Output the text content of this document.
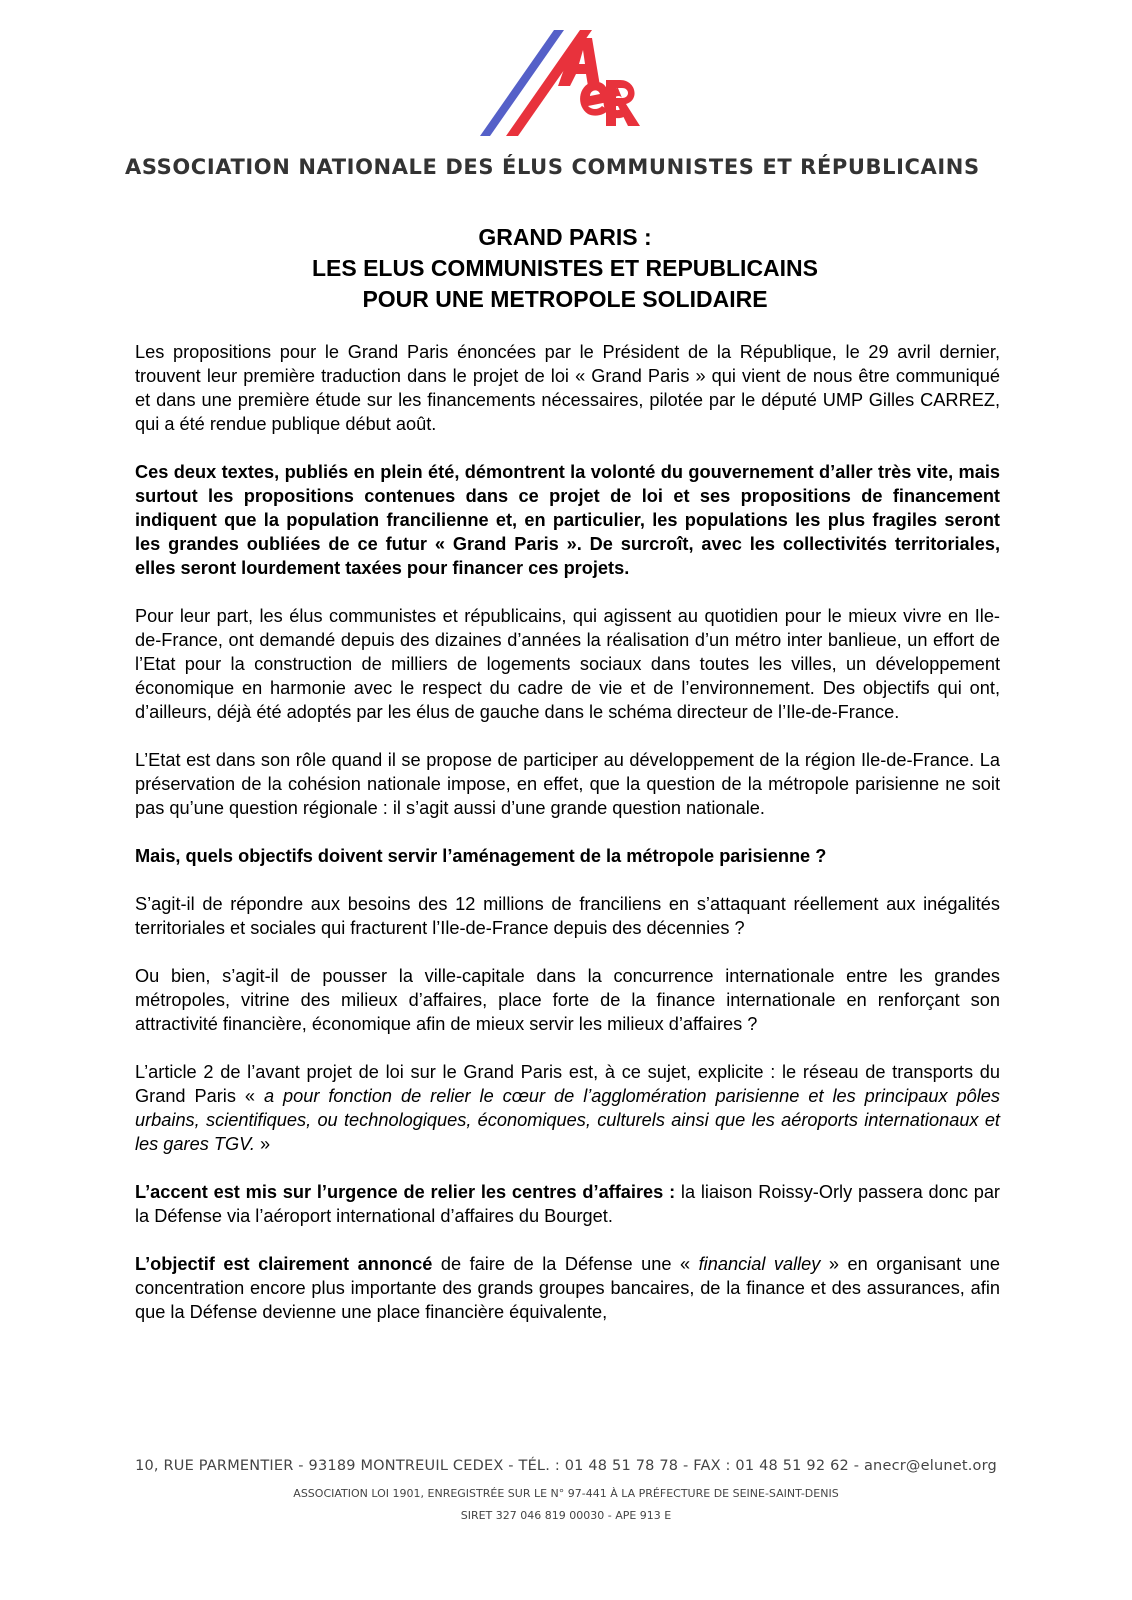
ASSOCIATION NATIONALE DES ÉLUS COMMUNISTES ET RÉPUBLICAINS
GRAND PARIS :
LES ELUS COMMUNISTES ET REPUBLICAINS
POUR UNE METROPOLE SOLIDAIRE

Les propositions pour le Grand Paris énoncées par le Président de la République, le 29 avril dernier, trouvent leur première traduction dans le projet de loi « Grand Paris » qui vient de nous être communiqué et dans une première étude sur les financements nécessaires, pilotée par le député UMP Gilles CARREZ, qui a été rendue publique début août.

Ces deux textes, publiés en plein été, démontrent la volonté du gouvernement d’aller très vite, mais surtout les propositions contenues dans ce projet de loi et ses propositions de financement indiquent que la population francilienne et, en particulier, les populations les plus fragiles seront les grandes oubliées de ce futur « Grand Paris ». De surcroît, avec les collectivités territoriales, elles seront lourdement taxées pour financer ces projets.

Pour leur part, les élus communistes et républicains, qui agissent au quotidien pour le mieux vivre en Ile-de-France, ont demandé depuis des dizaines d’années la réalisation d’un métro inter banlieue, un effort de l’Etat pour la construction de milliers de logements sociaux dans toutes les villes, un développement économique en harmonie avec le respect du cadre de vie et de l’environnement. Des objectifs qui ont, d’ailleurs, déjà été adoptés par les élus de gauche dans le schéma directeur de l’Ile-de-France.

L’Etat est dans son rôle quand il se propose de participer au développement de la région Ile-de-France. La préservation de la cohésion nationale impose, en effet, que la question de la métropole parisienne ne soit pas qu’une question régionale : il s’agit aussi d’une grande question nationale.

Mais, quels objectifs doivent servir l’aménagement de la métropole parisienne ?

S’agit-il de répondre aux besoins des 12 millions de franciliens en s’attaquant réellement aux inégalités territoriales et sociales qui fracturent l’Ile-de-France depuis des décennies ?

Ou bien, s’agit-il de pousser la ville-capitale dans la concurrence internationale entre les grandes métropoles, vitrine des milieux d’affaires, place forte de la finance internationale en renforçant son attractivité financière, économique afin de mieux servir les milieux d’affaires ?

L’article 2 de l’avant projet de loi sur le Grand Paris est, à ce sujet, explicite : le réseau de transports du Grand Paris « a pour fonction de relier le cœur de l’agglomération parisienne et les principaux pôles urbains, scientifiques, ou technologiques, économiques, culturels ainsi que les aéroports internationaux et les gares TGV. »

L’accent est mis sur l’urgence de relier les centres d’affaires : la liaison Roissy-Orly passera donc par la Défense via l’aéroport international d’affaires du Bourget.

L’objectif est clairement annoncé de faire de la Défense une « financial valley » en organisant une concentration encore plus importante des grands groupes bancaires, de la finance et des assurances, afin que la Défense devienne une place financière équivalente,

10, RUE PARMENTIER - 93189 MONTREUIL CEDEX - TÉL. : 01 48 51 78 78 - FAX : 01 48 51 92 62 - anecr@elunet.org
ASSOCIATION LOI 1901, ENREGISTRÉE SUR LE N° 97-441 À LA PRÉFECTURE DE SEINE-SAINT-DENIS
SIRET 327 046 819 00030 - APE 913 E
